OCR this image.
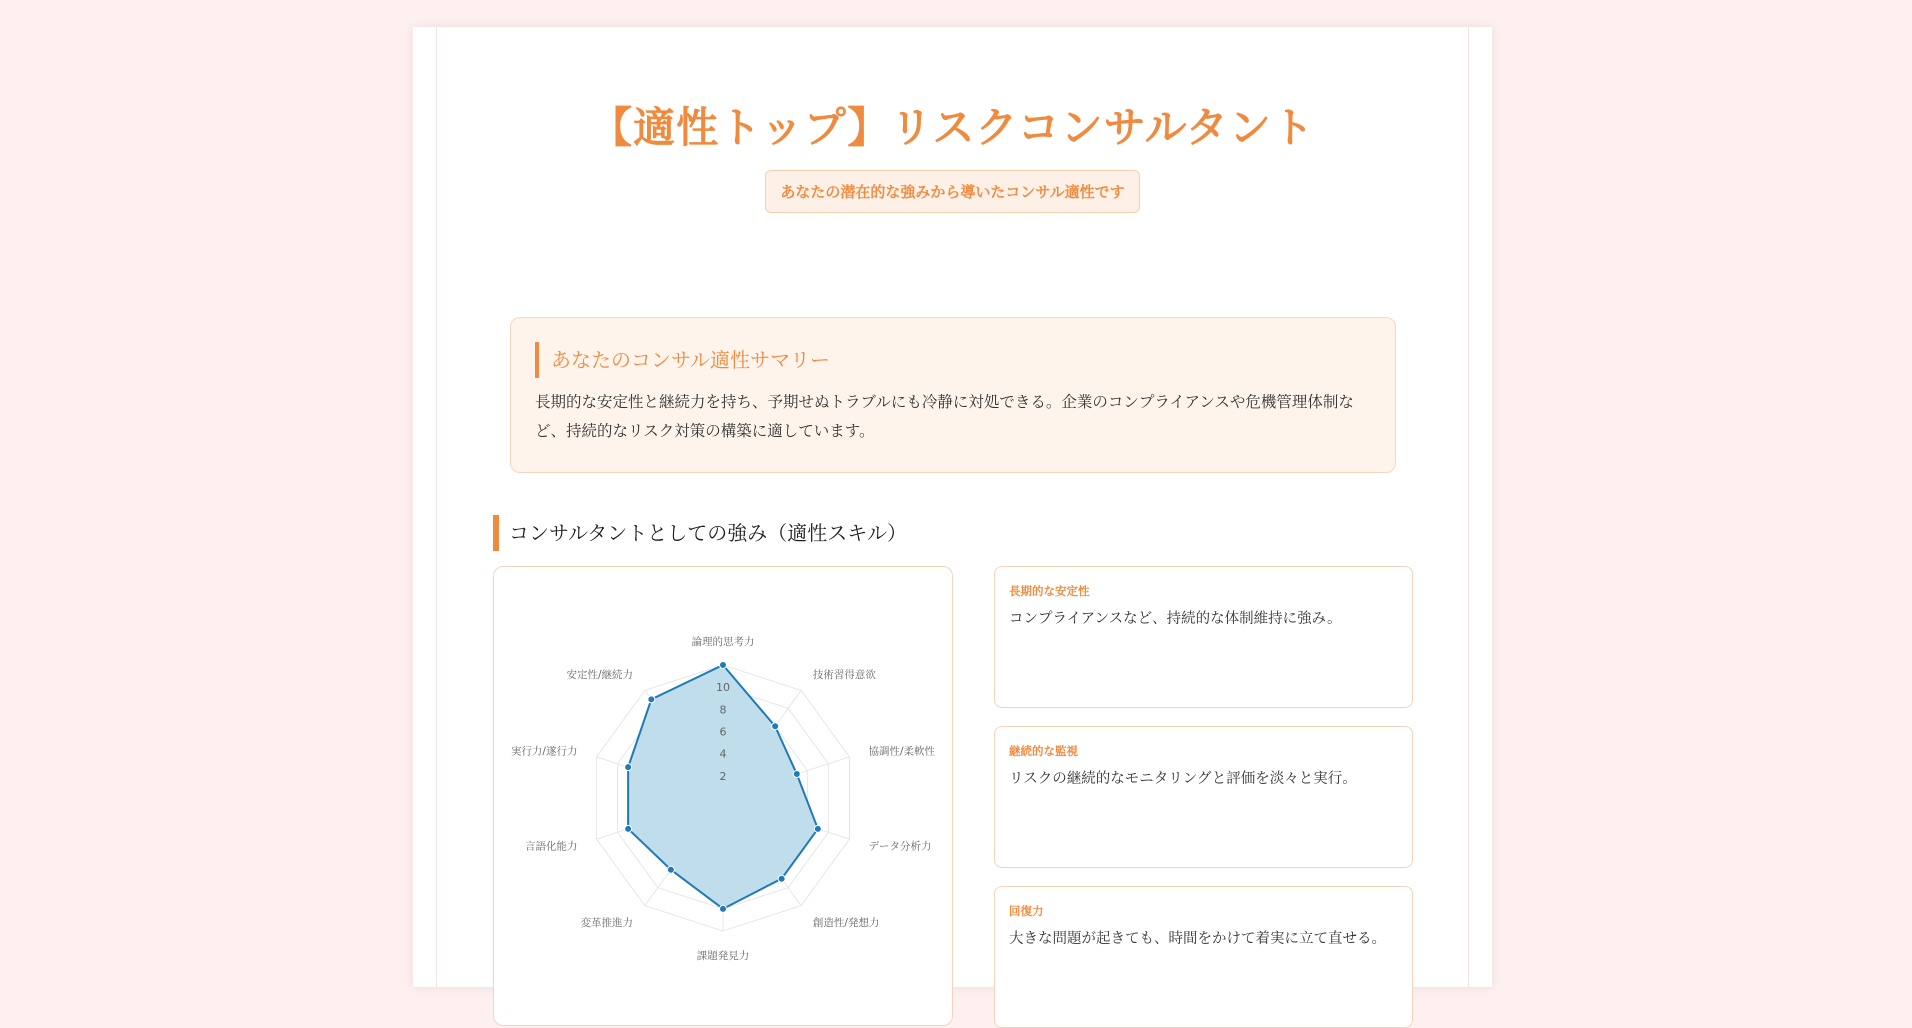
【適性トップ】リスクコンサルタント
あなたの潜在的な強みから導いたコンサル適性です
あなたのコンサル適性サマリー

長期的な安定性と継続力を持ち、予期せぬトラブルにも冷静に対処できる。企業のコンプライアンスや危機管理体制など、持続的なリスク対策の構築に適しています。

コンサルタントとしての強み（適性スキル）
2
4
6
8
10
論理的思考力
技術習得意欲
協調性/柔軟性
データ分析力
創造性/発想力
課題発見力
変革推進力
言語化能力
実行力/遂行力
安定性/継続力

長期的な安定性

コンプライアンスなど、持続的な体制維持に強み。

継続的な監視

リスクの継続的なモニタリングと評価を淡々と実行。

回復力

大きな問題が起きても、時間をかけて着実に立て直せる。
